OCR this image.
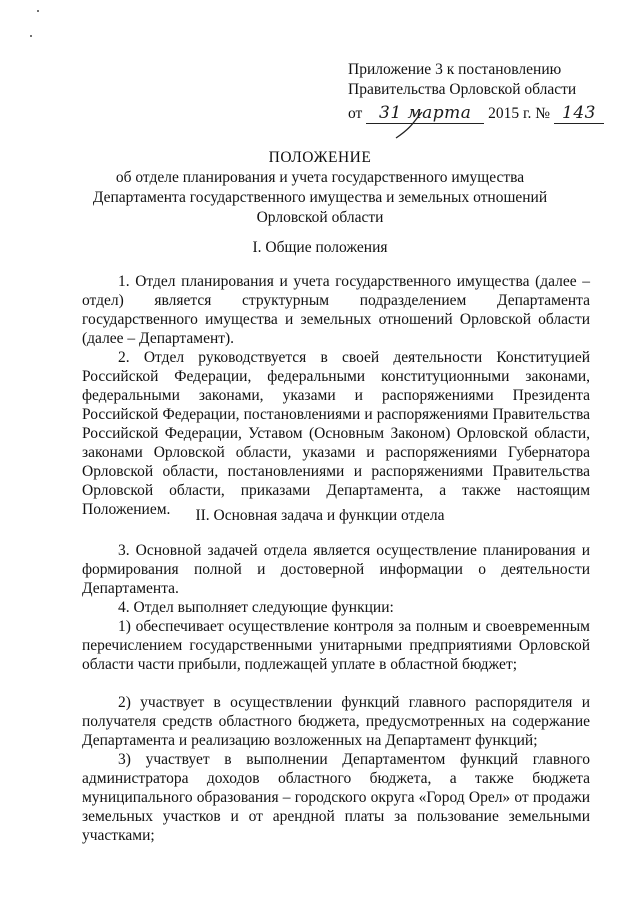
Приложение 3 к постановлению
Правительства Орловской области
от 31 марта 2015 г. № 143
ПОЛОЖЕНИЕ
об отделе планирования и учета государственного имущества
Департамента государственного имущества и земельных отношений
Орловской области
I. Общие положения
1. Отдел планирования и учета государственного имущества (далее – отдел) является структурным подразделением Департамента государственного имущества и земельных отношений Орловской области (далее – Департамент).
2. Отдел руководствуется в своей деятельности Конституцией Российской Федерации, федеральными конституционными законами, федеральными законами, указами и распоряжениями Президента Российской Федерации, постановлениями и распоряжениями Правительства Российской Федерации, Уставом (Основным Законом) Орловской области, законами Орловской области, указами и распоряжениями Губернатора Орловской области, постановлениями и распоряжениями Правительства Орловской области, приказами Департамента, а также настоящим Положением.	II. Основная задача и функции отдела
3. Основной задачей отдела является осуществление планирования и формирования полной и достоверной информации о деятельности Департамента.
4. Отдел выполняет следующие функции:
1) обеспечивает осуществление контроля за полным и своевременным перечислением государственными унитарными предприятиями Орловской области части прибыли, подлежащей уплате в областной бюджет;
2) участвует в осуществлении функций главного распорядителя и получателя средств областного бюджета, предусмотренных на содержание Департамента и реализацию возложенных на Департамент функций;
3) участвует в выполнении Департаментом функций главного администратора доходов областного бюджета, а также бюджета муниципального образования – городского округа «Город Орел» от продажи земельных участков и от арендной платы за пользование земельными участками;
